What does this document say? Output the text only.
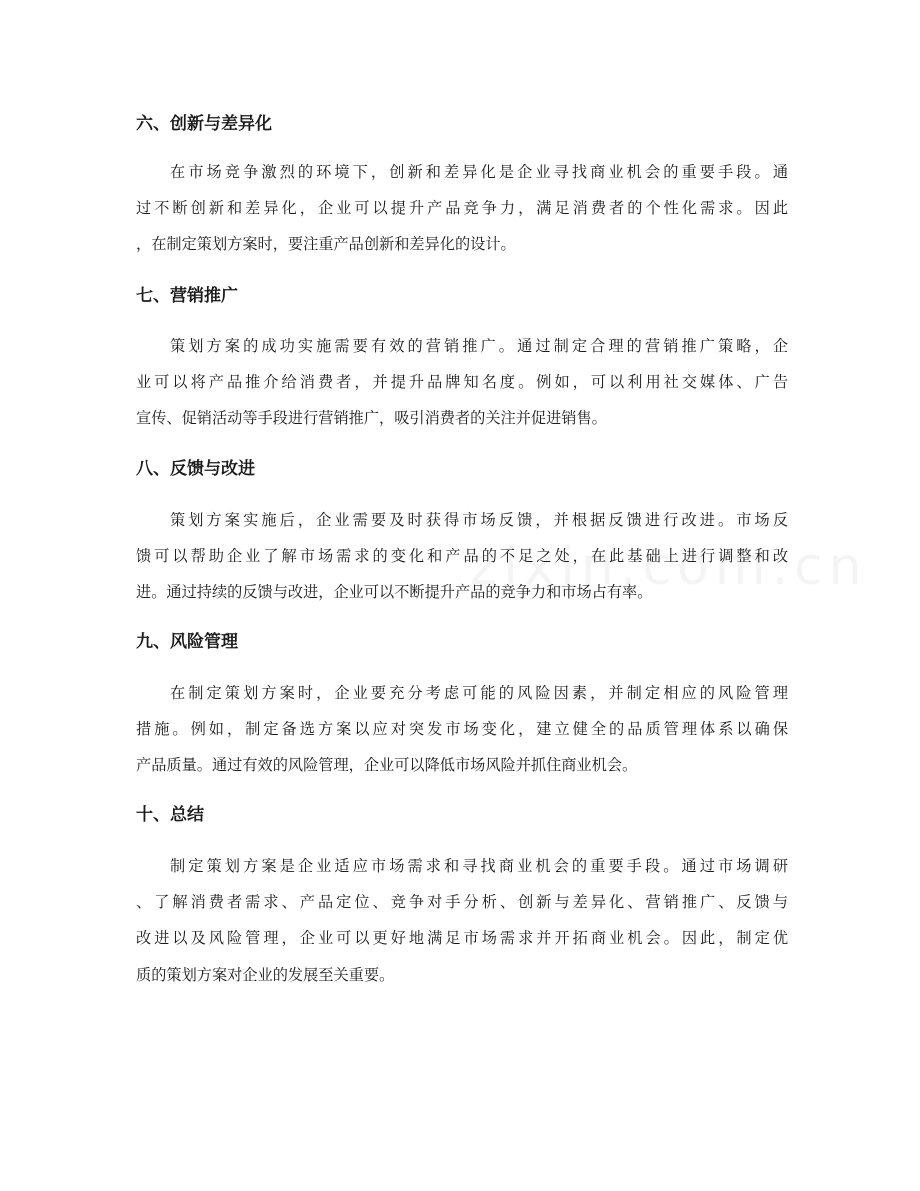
六、创新与差异化

在市场竞争激烈的环境下，创新和差异化是企业寻找商业机会的重要手段。通
过不断创新和差异化，企业可以提升产品竞争力，满足消费者的个性化需求。因此
，在制定策划方案时，要注重产品创新和差异化的设计。

七、营销推广

策划方案的成功实施需要有效的营销推广。通过制定合理的营销推广策略，企
业可以将产品推介给消费者，并提升品牌知名度。例如，可以利用社交媒体、广告
宣传、促销活动等手段进行营销推广，吸引消费者的关注并促进销售。

八、反馈与改进

策划方案实施后，企业需要及时获得市场反馈，并根据反馈进行改进。市场反
馈可以帮助企业了解市场需求的变化和产品的不足之处，在此基础上进行调整和改
进。通过持续的反馈与改进，企业可以不断提升产品的竞争力和市场占有率。

九、风险管理

在制定策划方案时，企业要充分考虑可能的风险因素，并制定相应的风险管理
措施。例如，制定备选方案以应对突发市场变化，建立健全的品质管理体系以确保
产品质量。通过有效的风险管理，企业可以降低市场风险并抓住商业机会。

十、总结

制定策划方案是企业适应市场需求和寻找商业机会的重要手段。通过市场调研
、了解消费者需求、产品定位、竞争对手分析、创新与差异化、营销推广、反馈与
改进以及风险管理，企业可以更好地满足市场需求并开拓商业机会。因此，制定优
质的策划方案对企业的发展至关重要。
